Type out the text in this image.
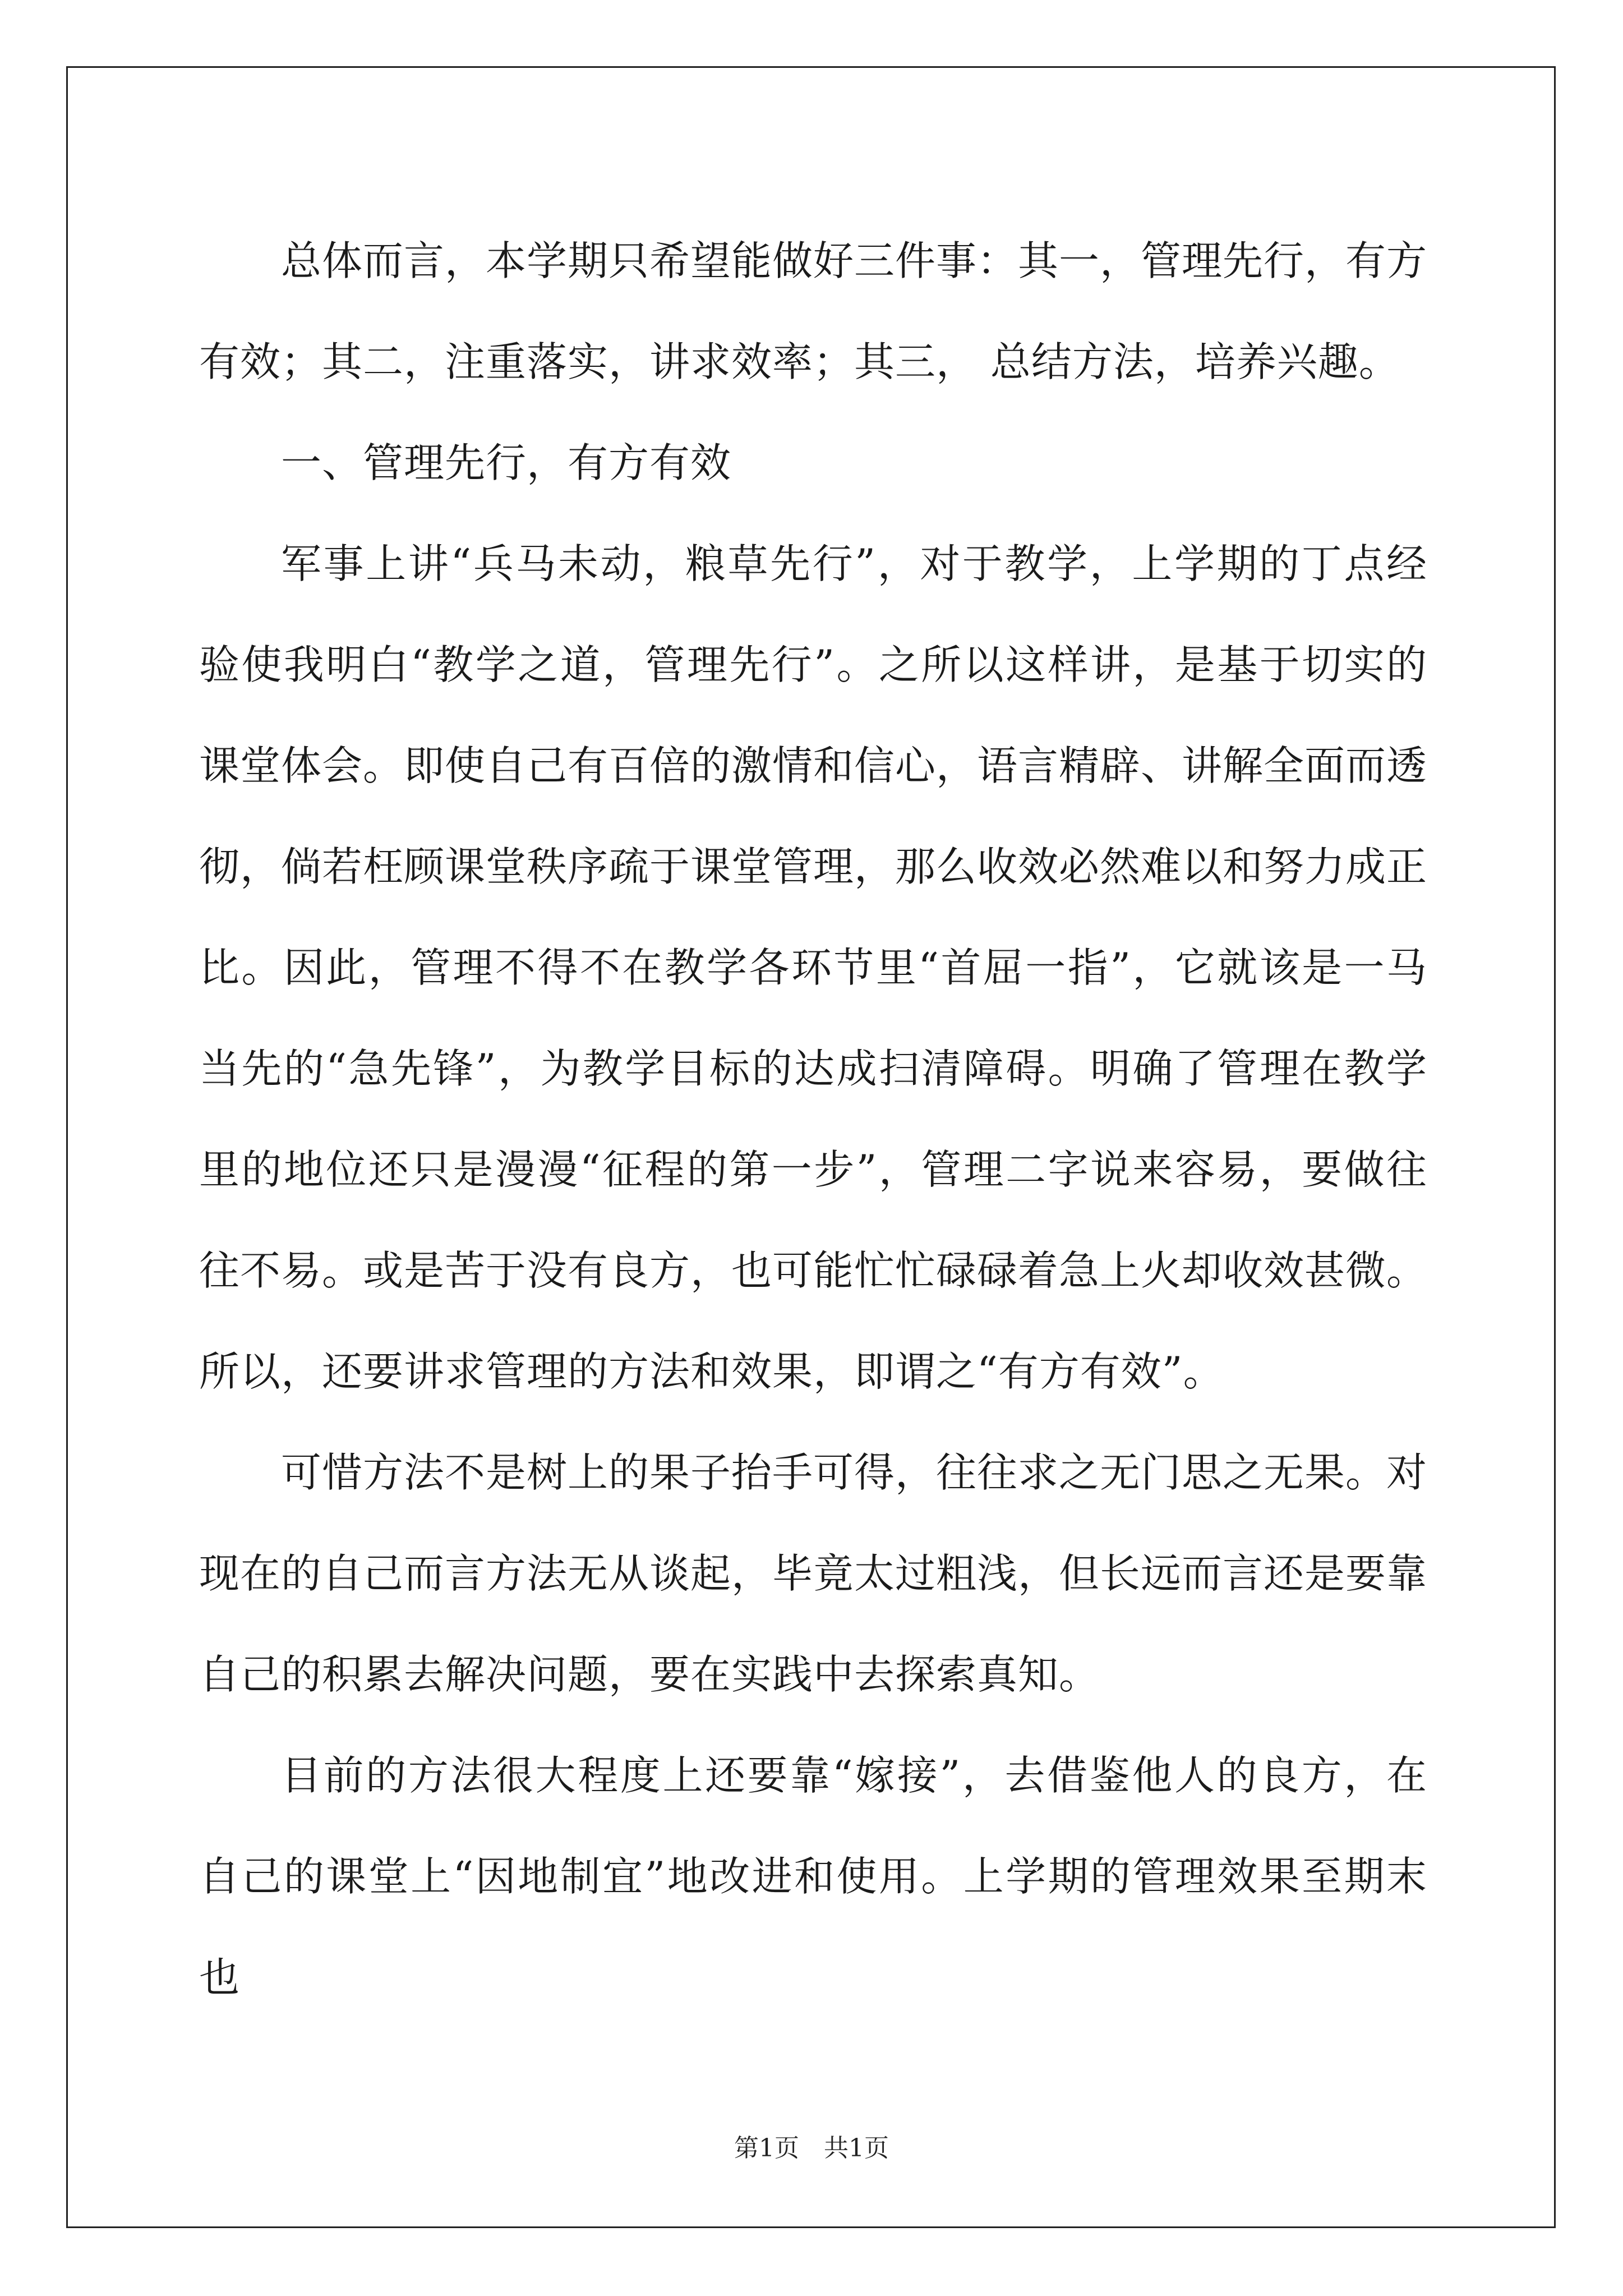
总体而言，本学期只希望能做好三件事：其一，管理先行，有方有效；其二，注重落实，讲求效率；其三， 总结方法，培养兴趣。

一、管理先行，有方有效

军事上讲“兵马未动，粮草先行”，对于教学，上学期的丁点经验使我明白“教学之道，管理先行”。之所以这样讲，是基于切实的课堂体会。即使自己有百倍的激情和信心，语言精辟、讲解全面而透彻，倘若枉顾课堂秩序疏于课堂管理，那么收效必然难以和努力成正比。因此，管理不得不在教学各环节里“首屈一指”，它就该是一马当先的“急先锋”，为教学目标的达成扫清障碍。明确了管理在教学里的地位还只是漫漫“征程的第一步”，管理二字说来容易，要做往往不易。或是苦于没有良方，也可能忙忙碌碌着急上火却收效甚微。所以，还要讲求管理的方法和效果，即谓之“有方有效”。

可惜方法不是树上的果子抬手可得，往往求之无门思之无果。对现在的自己而言方法无从谈起，毕竟太过粗浅，但长远而言还是要靠自己的积累去解决问题，要在实践中去探索真知。

目前的方法很大程度上还要靠“嫁接”，去借鉴他人的良方，在自己的课堂上“因地制宜”地改进和使用。上学期的管理效果至期末也

第1页　共1页
